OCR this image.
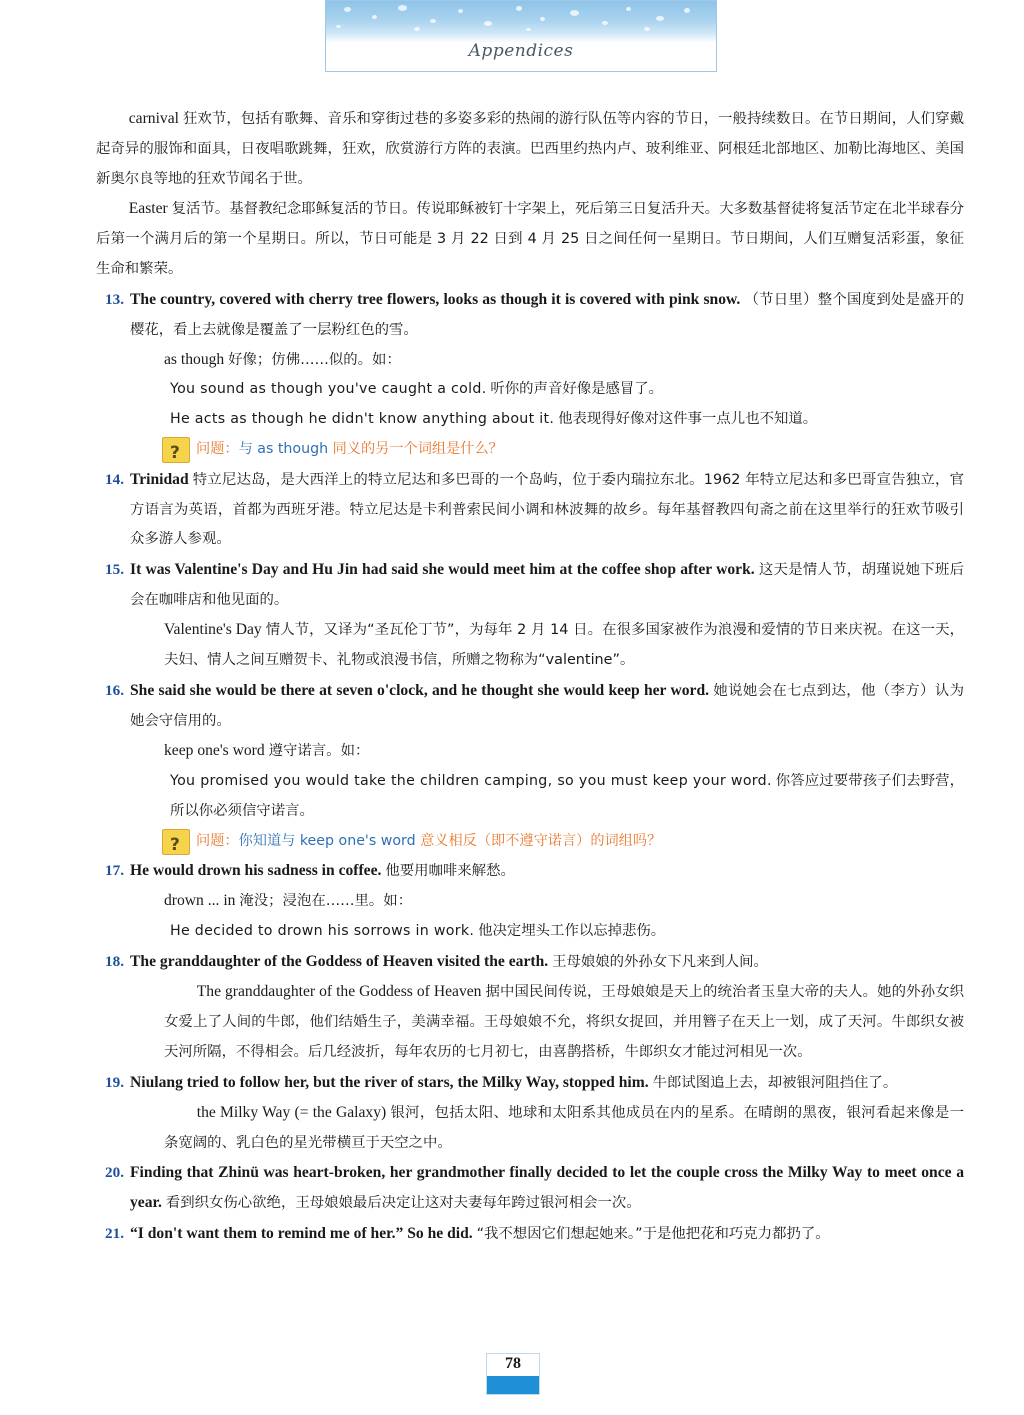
Appendices
carnival 狂欢节，包括有歌舞、音乐和穿街过巷的多姿多彩的热闹的游行队伍等内容的节日，一般持续数日。在节日期间，人们穿戴起奇异的服饰和面具，日夜唱歌跳舞，狂欢，欣赏游行方阵的表演。巴西里约热内卢、玻利维亚、阿根廷北部地区、加勒比海地区、美国新奥尔良等地的狂欢节闻名于世。
Easter 复活节。基督教纪念耶稣复活的节日。传说耶稣被钉十字架上，死后第三日复活升天。大多数基督徒将复活节定在北半球春分后第一个满月后的第一个星期日。所以，节日可能是 3 月 22 日到 4 月 25 日之间任何一星期日。节日期间，人们互赠复活彩蛋，象征生命和繁荣。
13. The country, covered with cherry tree flowers, looks as though it is covered with pink snow. （节日里）整个国度到处是盛开的樱花，看上去就像是覆盖了一层粉红色的雪。
as though 好像；仿佛……似的。如：
You sound as though you've caught a cold. 听你的声音好像是感冒了。
He acts as though he didn't know anything about it. 他表现得好像对这件事一点儿也不知道。
?
问题：与 as though 同义的另一个词组是什么？
14. Trinidad 特立尼达岛，是大西洋上的特立尼达和多巴哥的一个岛屿，位于委内瑞拉东北。1962 年特立尼达和多巴哥宣告独立，官方语言为英语，首都为西班牙港。特立尼达是卡利普索民间小调和林波舞的故乡。每年基督教四旬斋之前在这里举行的狂欢节吸引众多游人参观。
15. It was Valentine's Day and Hu Jin had said she would meet him at the coffee shop after work. 这天是情人节，胡瑾说她下班后会在咖啡店和他见面的。
Valentine's Day 情人节，又译为“圣瓦伦丁节”，为每年 2 月 14 日。在很多国家被作为浪漫和爱情的节日来庆祝。在这一天，夫妇、情人之间互赠贺卡、礼物或浪漫书信，所赠之物称为“valentine”。
16. She said she would be there at seven o'clock, and he thought she would keep her word. 她说她会在七点到达，他（李方）认为她会守信用的。
keep one's word 遵守诺言。如：
You promised you would take the children camping, so you must keep your word. 你答应过要带孩子们去野营，所以你必须信守诺言。
?
问题：你知道与 keep one's word 意义相反（即不遵守诺言）的词组吗？
17. He would drown his sadness in coffee. 他要用咖啡来解愁。
drown ... in 淹没；浸泡在……里。如：
He decided to drown his sorrows in work. 他决定埋头工作以忘掉悲伤。
18. The granddaughter of the Goddess of Heaven visited the earth. 王母娘娘的外孙女下凡来到人间。
The granddaughter of the Goddess of Heaven 据中国民间传说，王母娘娘是天上的统治者玉皇大帝的夫人。她的外孙女织女爱上了人间的牛郎，他们结婚生子，美满幸福。王母娘娘不允，将织女捉回，并用簪子在天上一划，成了天河。牛郎织女被天河所隔，不得相会。后几经波折，每年农历的七月初七，由喜鹊搭桥，牛郎织女才能过河相见一次。
19. Niulang tried to follow her, but the river of stars, the Milky Way, stopped him. 牛郎试图追上去，却被银河阻挡住了。
the Milky Way (= the Galaxy) 银河，包括太阳、地球和太阳系其他成员在内的星系。在晴朗的黑夜，银河看起来像是一条宽阔的、乳白色的星光带横亘于天空之中。
20. Finding that Zhinü was heart-broken, her grandmother finally decided to let the couple cross the Milky Way to meet once a year. 看到织女伤心欲绝，王母娘娘最后决定让这对夫妻每年跨过银河相会一次。
21. “I don't want them to remind me of her.” So he did. “我不想因它们想起她来。”于是他把花和巧克力都扔了。
78
